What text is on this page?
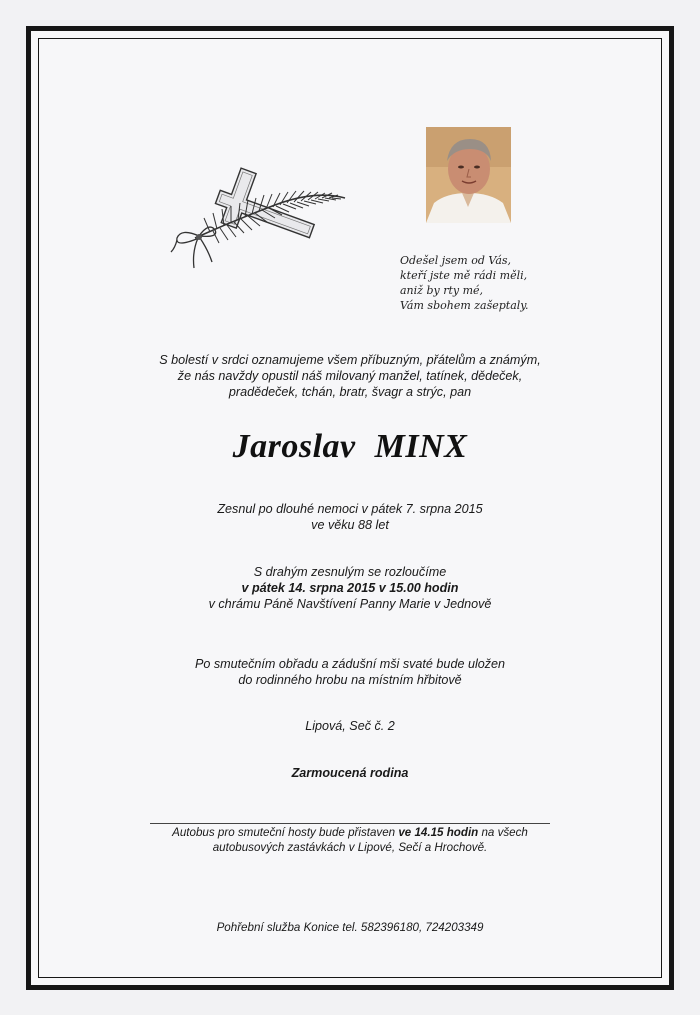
Odešel jsem od Vás,
kteří jste mě rádi měli,
aniž by rty mé,
Vám sbohem zašeptaly.
S bolestí v srdci oznamujeme všem příbuzným, přátelům a známým,
že nás navždy opustil náš milovaný manžel, tatínek, dědeček,
pradědeček, tchán, bratr, švagr a strýc, pan
Jaroslav MINX
Zesnul po dlouhé nemoci v pátek 7. srpna 2015
ve věku 88 let
S drahým zesnulým se rozloučíme
v pátek 14. srpna 2015 v 15.00 hodin
v chrámu Páně Navštívení Panny Marie v Jednově
Po smutečním obřadu a zádušní mši svaté bude uložen
do rodinného hrobu na místním hřbitově
Lipová, Seč č. 2
Zarmoucená rodina
Autobus pro smuteční hosty bude přistaven ve 14.15 hodin na všech
autobusových zastávkách v Lipové, Sečí a Hrochově.
Pohřební služba Konice tel. 582396180, 724203349
